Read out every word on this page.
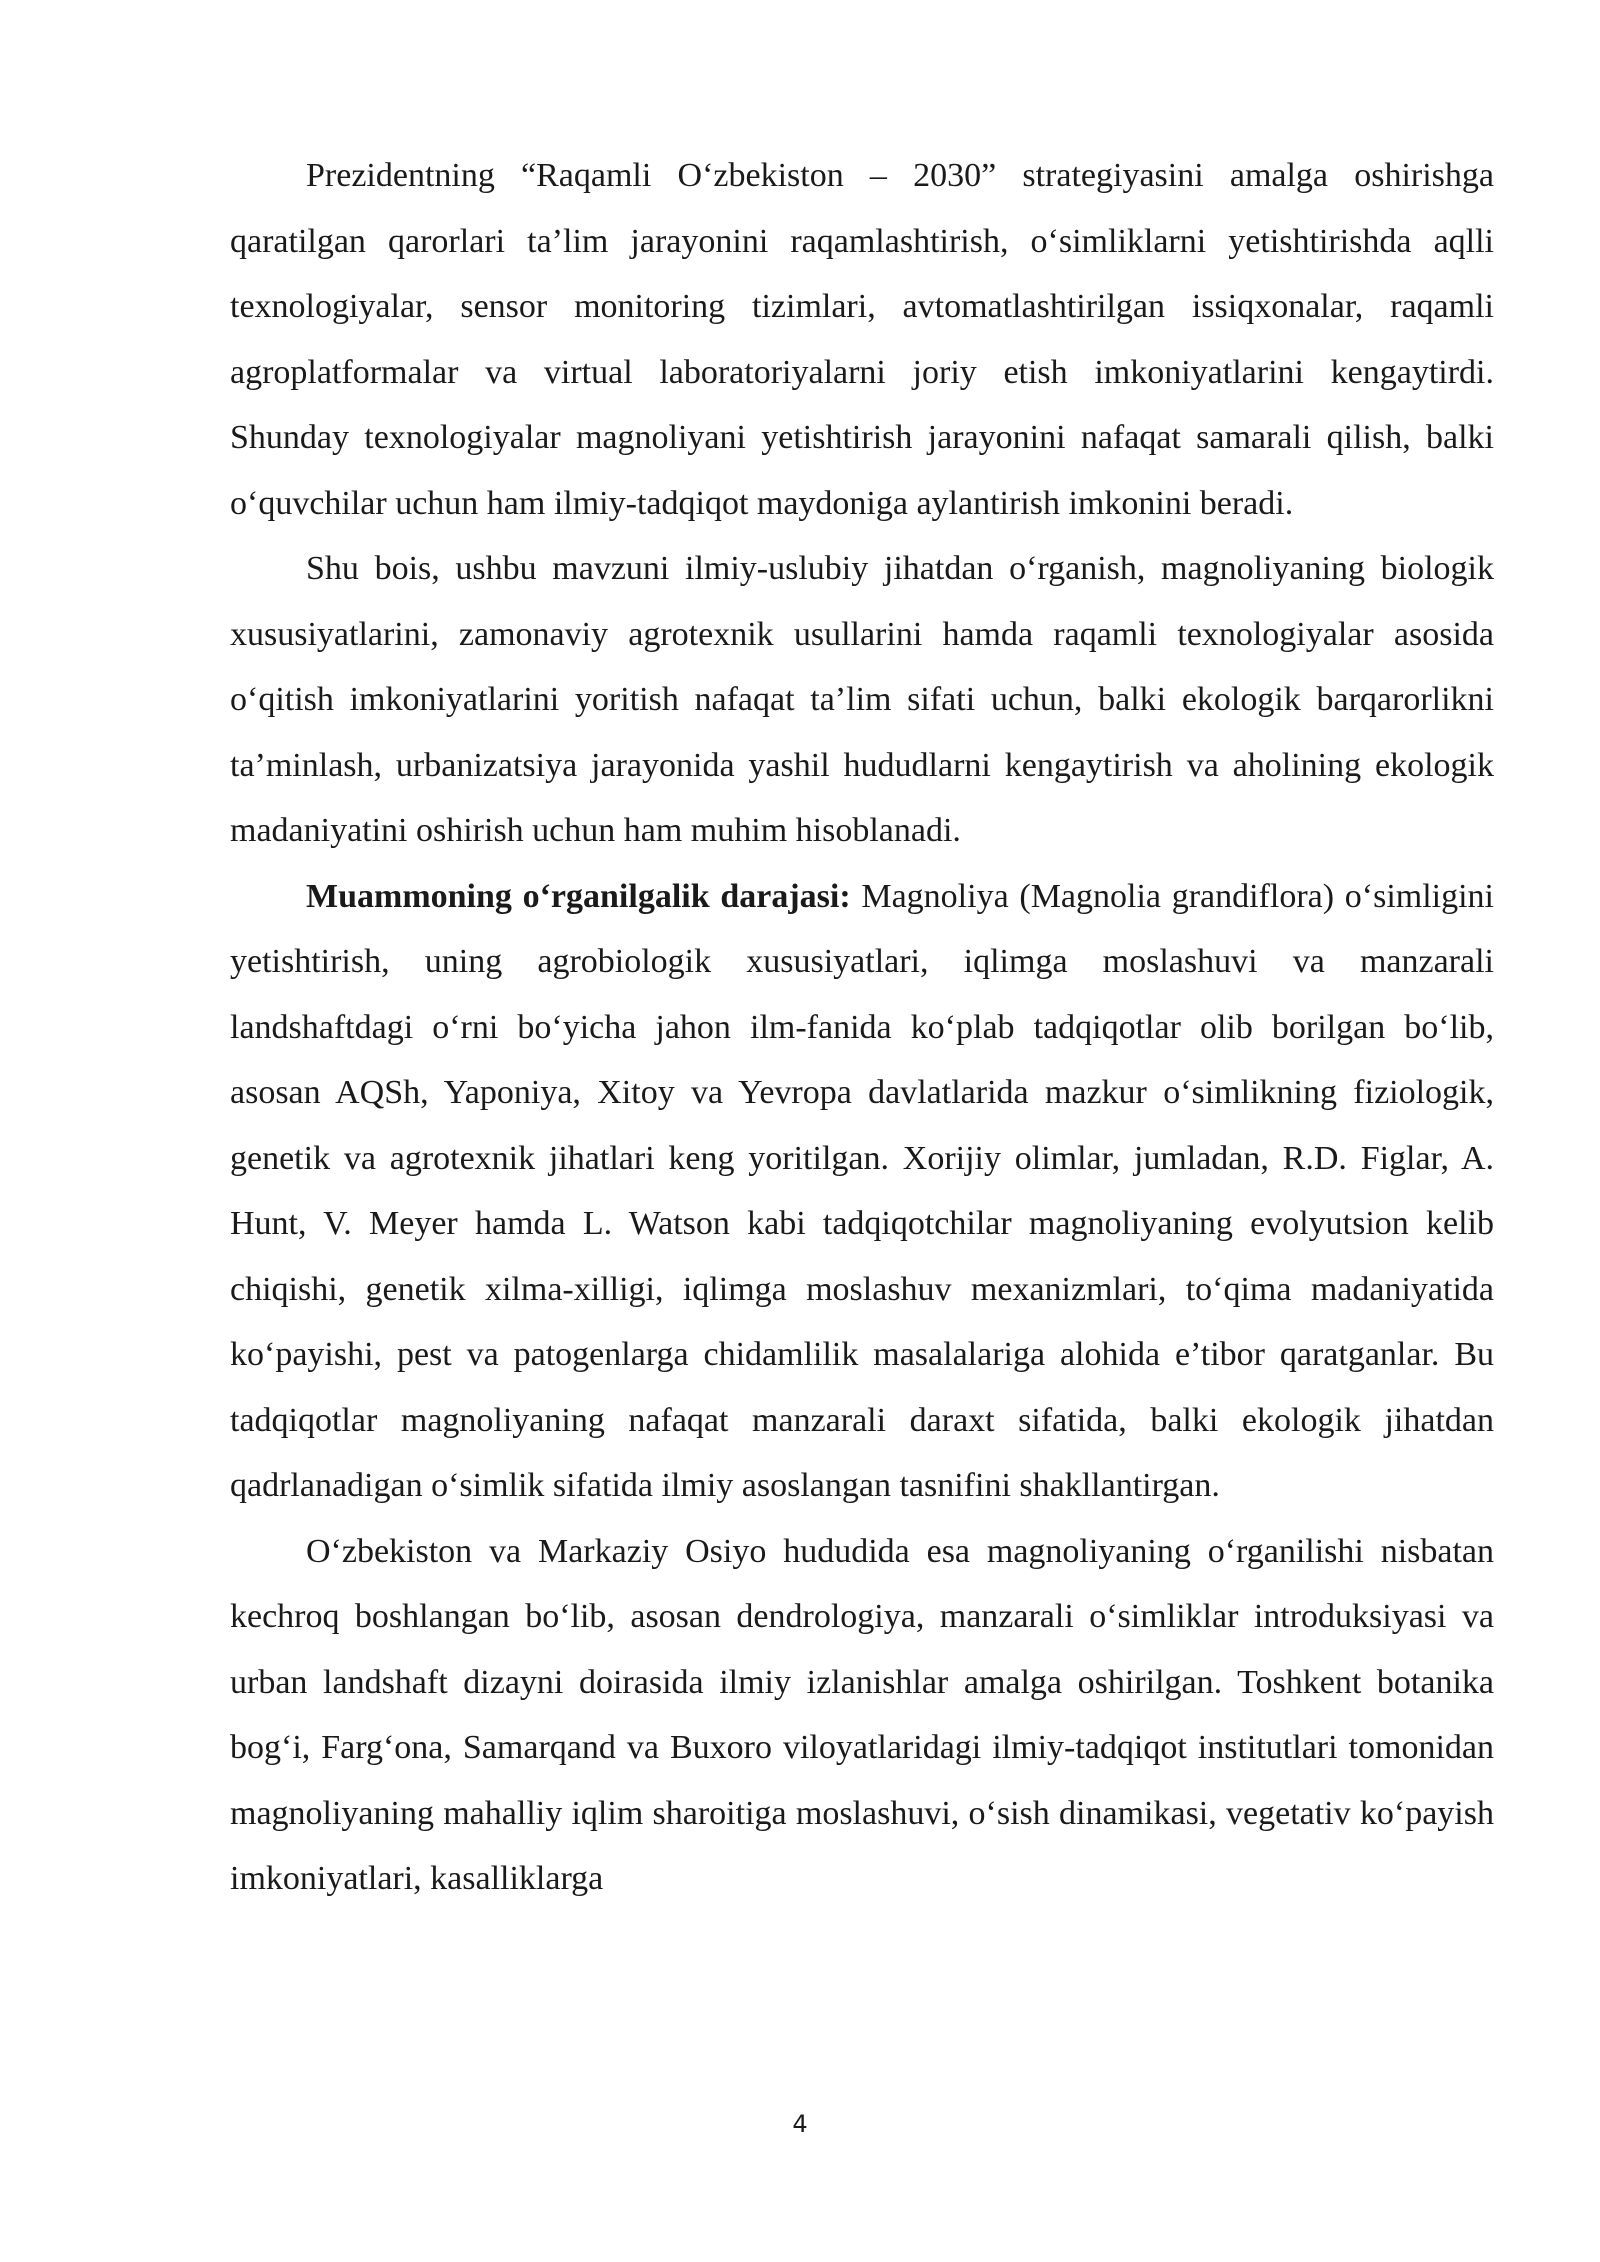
Prezidentning “Raqamli O‘zbekiston – 2030” strategiyasini amalga oshirishga qaratilgan qarorlari ta’lim jarayonini raqamlashtirish, o‘simliklarni yetishtirishda aqlli texnologiyalar, sensor monitoring tizimlari, avtomatlashtirilgan issiqxonalar, raqamli agroplatformalar va virtual laboratoriyalarni joriy etish imkoniyatlarini kengaytirdi. Shunday texnologiyalar magnoliyani yetishtirish jarayonini nafaqat samarali qilish, balki o‘quvchilar uchun ham ilmiy-tadqiqot maydoniga aylantirish imkonini beradi.

Shu bois, ushbu mavzuni ilmiy-uslubiy jihatdan o‘rganish, magnoliyaning biologik xususiyatlarini, zamonaviy agrotexnik usullarini hamda raqamli texnologiyalar asosida o‘qitish imkoniyatlarini yoritish nafaqat ta’lim sifati uchun, balki ekologik barqarorlikni ta’minlash, urbanizatsiya jarayonida yashil hududlarni kengaytirish va aholining ekologik madaniyatini oshirish uchun ham muhim hisoblanadi.

Muammoning o‘rganilgalik darajasi: Magnoliya (Magnolia grandiflora) o‘simligini yetishtirish, uning agrobiologik xususiyatlari, iqlimga moslashuvi va manzarali landshaftdagi o‘rni bo‘yicha jahon ilm-fanida ko‘plab tadqiqotlar olib borilgan bo‘lib, asosan AQSh, Yaponiya, Xitoy va Yevropa davlatlarida mazkur o‘simlikning fiziologik, genetik va agrotexnik jihatlari keng yoritilgan. Xorijiy olimlar, jumladan, R.D. Figlar, A. Hunt, V. Meyer hamda L. Watson kabi tadqiqotchilar magnoliyaning evolyutsion kelib chiqishi, genetik xilma-xilligi, iqlimga moslashuv mexanizmlari, to‘qima madaniyatida ko‘payishi, pest va patogenlarga chidamlilik masalalariga alohida e’tibor qaratganlar. Bu tadqiqotlar magnoliyaning nafaqat manzarali daraxt sifatida, balki ekologik jihatdan qadrlanadigan o‘simlik sifatida ilmiy asoslangan tasnifini shakllantirgan.

O‘zbekiston va Markaziy Osiyo hududida esa magnoliyaning o‘rganilishi nisbatan kechroq boshlangan bo‘lib, asosan dendrologiya, manzarali o‘simliklar introduksiyasi va urban landshaft dizayni doirasida ilmiy izlanishlar amalga oshirilgan. Toshkent botanika bog‘i, Farg‘ona, Samarqand va Buxoro viloyatlaridagi ilmiy-tadqiqot institutlari tomonidan magnoliyaning mahalliy iqlim sharoitiga moslashuvi, o‘sish dinamikasi, vegetativ ko‘payish imkoniyatlari, kasalliklarga

4
